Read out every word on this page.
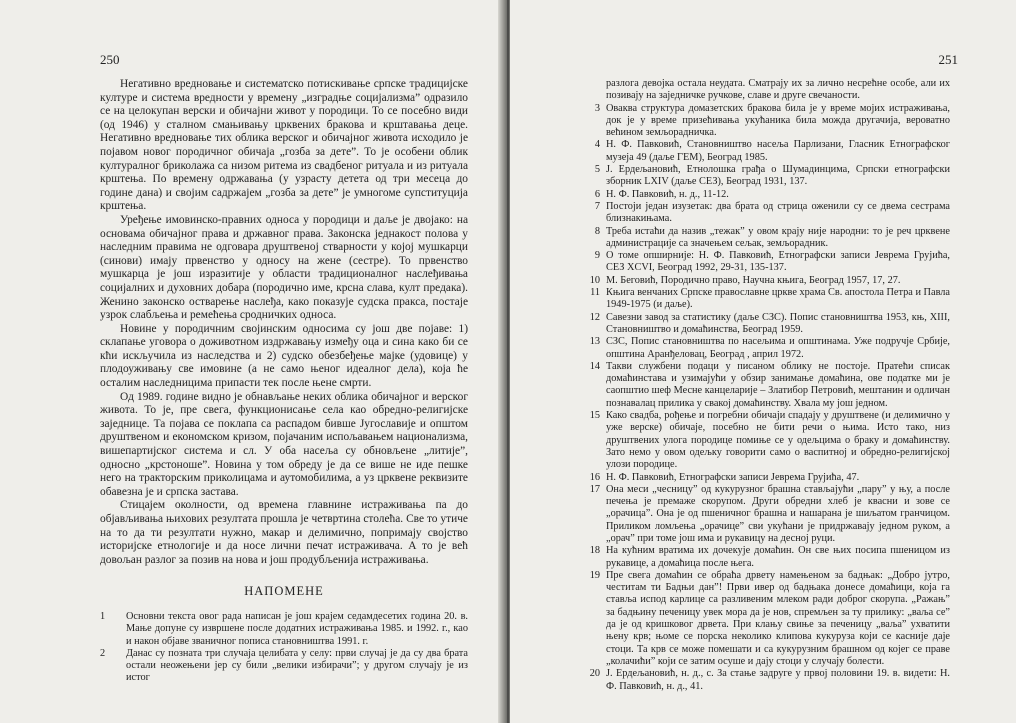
250

Негативно вредновање и систематско потискивање српске традицијске културе и система вредности у времену „изградње социјализма” одразило се на целокупан верски и обичајни живот у породици. То се посебно види (од 1946) у сталном смањивању црквених бракова и крштавања деце. Негативно вредновање тих облика верског и обичајног живота исходило је појавом новог породичног обичаја „гозба за дете”. То је особени облик културалног бриколажа са низом ритема из свадбеног ритуала и из ритуала крштења. По времену одржавања (у узрасту детета од три месеца до године дана) и својим садржајем „гозба за дете” је умногоме супституција крштења.

Уређење имовинско-правних односа у породици и даље је двојако: на основама обичајног права и државног права. Законска једнакост полова у наследним правима не одговара друштвеној стварности у којој мушкарци (синови) имају првенство у односу на жене (сестре). То првенство мушкарца је још изразитије у области традиционалног наслеђивања социјалних и духовних добара (породично име, крсна слава, култ предака). Женино законско остварење наслеђа, како показује судска пракса, постаје узрок слабљења и ремећења сродничких односа.

Новине у породичним својинским односима су још две појаве: 1) склапање уговора о доживотном издржавању између оца и сина како би се кћи искључила из наследства и 2) судско обезбеђење мајке (удовице) у плодоуживању све имовине (а не само њеног идеалног дела), која ће осталим наследницима припасти тек после њене смрти.

Од 1989. године видно је обнављање неких облика обичајног и верског живота. То је, пре свега, функционисање села као обредно-религијске заједнице. Та појава се поклапа са распадом бивше Југославије и општом друштвеном и економском кризом, појачаним испољавањем национализма, вишепартијског система и сл. У оба насеља су обновљене „литије”, односно „крстоноше”. Новина у том обреду је да се више не иде пешке него на тракторским приколицама и аутомобилима, а уз црквене реквизите обавезна је и српска застава.

Стицајем околности, од времена главнине истраживања па до објављивања њихових резултата прошла је четвртина столећа. Све то утиче на то да ти резултати нужно, макар и делимично, попримају својство историјске етнологије и да носе лични печат истраживача. А то је већ довољан разлог за позив на нова и још продубљенија истраживања.

НАПОМЕНЕ
1	Основни текста овог рада написан је још крајем седамдесетих година 20. в. Мање допуне су извршене после додатних истраживања 1985. и 1992. г., као и након објаве званичног пописа становништва 1991. г.
2	Данас су позната три случаја целибата у селу: први случај је да су два брата остали неожењени јер су били „велики избирачи”; у другом случају је из истог
251
разлога девојка остала неудата. Сматрају их за лично несрећне особе, али их позивају на заједничке ручкове, славе и друге свечаности.
3 Оваква структура домазетских бракова била је у време мојих истраживања, док је у време призећивања укућаника била можда другачија, вероватно већином земљорадничка.
4 Н. Ф. Павковић, Становништво насеља Парлизани, Гласник Етнографског музеја 49 (даље ГЕМ), Београд 1985.
5 Ј. Ердељановић, Етнолошка грађа о Шумадинцима, Српски етнографски зборник LXIV (даље СЕЗ), Београд 1931, 137.
6 Н. Ф. Павковић, н. д., 11-12.
7 Постоји један изузетак: два брата од стрица оженили су се двема сестрама близнакињама.
8 Треба истаћи да назив „тежак” у овом крају није народни: то је реч црквене администрације са значењем сељак, земљорадник.
9 О томе опширније: Н. Ф. Павковић, Етнографски записи Јеврема Грујића, СЕЗ XCVI, Београд 1992, 29-31, 135-137.
10 М. Беговић, Породично право, Научна књига, Београд 1957, 17, 27.
11 Књига венчаних Српске православне цркве храма Св. апостола Петра и Павла 1949-1975 (и даље).
12 Савезни завод за статистику (даље СЗС). Попис становништва 1953, књ, XIII, Становништво и домаћинства, Београд 1959.
13 СЗС, Попис становништва по насељима и општинама. Уже подручје Србије, општина Аранђеловац, Београд , април 1972.
14 Такви службени подаци у писаном облику не постоје. Пратећи списак домаћинстава и узимајући у обзир занимање домаћина, ове податке ми је саопштио шеф Месне канцеларије – Златибор Петровић, мештанин и одличан познавалац прилика у свакој домаћинству. Хвала му још једном.
15 Како свадба, рођење и погребни обичаји спадају у друштвене (и делимично у уже верске) обичаје, посебно не бити речи о њима. Исто тако, низ друштвених улога породице помиње се у одељцима о браку и домаћинству. Зато немо у овом одељку говорити само о васпитној и обредно-религијској улози породице.
16 Н. Ф. Павковић, Етнографски записи Јеврема Грујића, 47.
17 Она меси „чесницу” од кукурузног брашна стављајући „пару” у њу, а после печења је премаже скорупом. Други обредни хлеб је квасни и зове се „орачица”. Она је од пшеничног брашна и нашарана је шиљатом гранчицом. Приликом ломљења „орачице” сви укућани је придржавају једном руком, а „орач” при томе још има и рукавицу на десној руци.
18 На кућним вратима их дочекује домаћин. Он све њих посипа пшеницом из рукавице, а домаћица после њега.
19 Пре свега домаћин се обраћа дрвету намењеном за бадњак: „Добро јутро, честитам ти Бадњи дан”! Први ивер од бадњака донесе домаћици, која га ставља испод карлице са разливеним млеком ради доброг скорупа. „Ражањ” за бадњину печеницу увек мора да је нов, спремљен за ту прилику: „ваља се” да је од кришковог дрвета. При клању свиње за печеницу „ваља” ухватити њену крв; њоме се порска неколико клипова кукуруза који се касније даје стоци. Та крв се може помешати и са кукурузним брашном од којег се праве „колачићи” који се затим осуше и дају стоци у случају болести.
20 Ј. Ердељановић, н. д., с. За стање задруге у првој половини 19. в. видети: Н. Ф. Павковић, н. д., 41.
